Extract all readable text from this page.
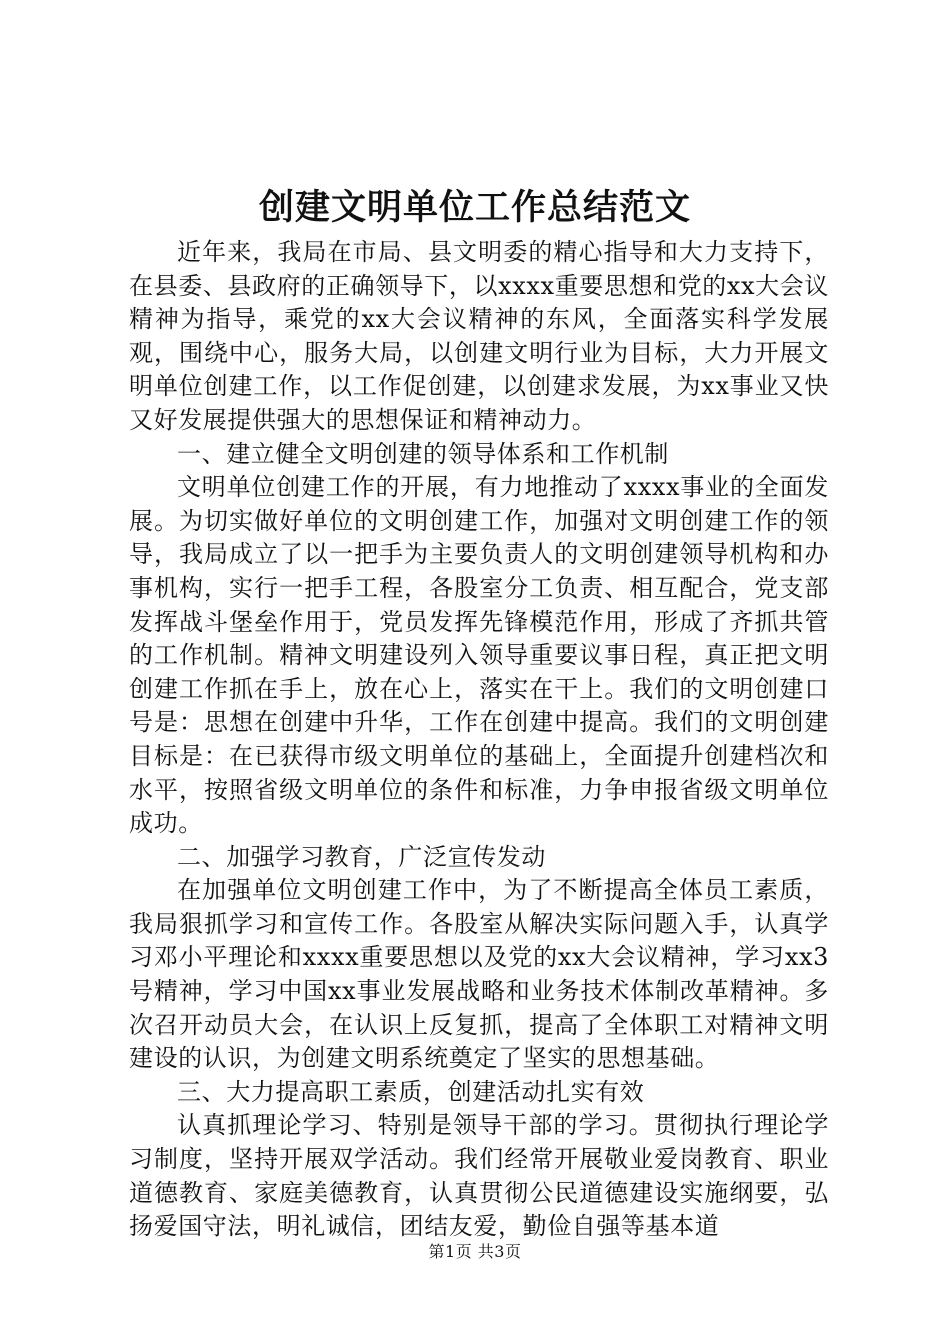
创建文明单位工作总结范文

近年来，我局在市局、县文明委的精心指导和大力支持下，在县委、县政府的正确领导下，以xxxx重要思想和党的xx大会议精神为指导，乘党的xx大会议精神的东风，全面落实科学发展观，围绕中心，服务大局，以创建文明行业为目标，大力开展文明单位创建工作，以工作促创建，以创建求发展，为xx事业又快又好发展提供强大的思想保证和精神动力。

一、建立健全文明创建的领导体系和工作机制

文明单位创建工作的开展，有力地推动了xxxx事业的全面发展。为切实做好单位的文明创建工作，加强对文明创建工作的领导，我局成立了以一把手为主要负责人的文明创建领导机构和办事机构，实行一把手工程，各股室分工负责、相互配合，党支部发挥战斗堡垒作用于，党员发挥先锋模范作用，形成了齐抓共管的工作机制。精神文明建设列入领导重要议事日程，真正把文明创建工作抓在手上，放在心上，落实在干上。我们的文明创建口号是：思想在创建中升华，工作在创建中提高。我们的文明创建目标是：在已获得市级文明单位的基础上，全面提升创建档次和水平，按照省级文明单位的条件和标准，力争申报省级文明单位成功。

二、加强学习教育，广泛宣传发动

在加强单位文明创建工作中，为了不断提高全体员工素质，我局狠抓学习和宣传工作。各股室从解决实际问题入手，认真学习邓小平理论和xxxx重要思想以及党的xx大会议精神，学习xx3号精神，学习中国xx事业发展战略和业务技术体制改革精神。多次召开动员大会，在认识上反复抓，提高了全体职工对精神文明建设的认识，为创建文明系统奠定了坚实的思想基础。

三、大力提高职工素质，创建活动扎实有效

认真抓理论学习、特别是领导干部的学习。贯彻执行理论学习制度，坚持开展双学活动。我们经常开展敬业爱岗教育、职业道德教育、家庭美德教育，认真贯彻公民道德建设实施纲要，弘扬爱国守法，明礼诚信，团结友爱，勤俭自强等基本道

第1页 共3页
